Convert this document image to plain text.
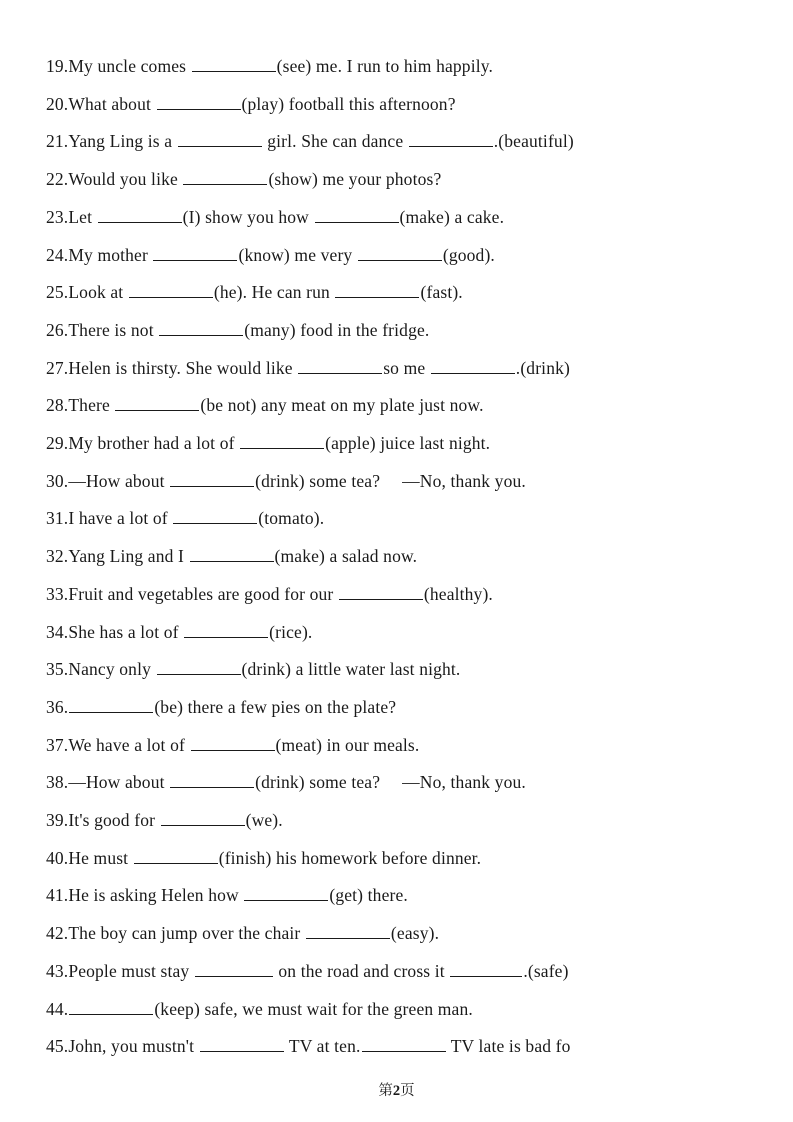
19.My uncle comes	(see) me. I run to him happily.
20.What about	(play) football this afternoon?
21.Yang Ling is a	girl. She can dance	.(beautiful)
22.Would you like	(show) me your photos?
23.Let	(I) show you how	(make) a cake.
24.My mother	(know) me very	(good).
25.Look at	(he). He can run	(fast).
26.There is not	(many) food in the fridge.
27.Helen is thirsty. She would like	so me	.(drink)
28.There	(be not) any meat on my plate just now.
29.My brother had a lot of	(apple) juice last night.
30.—How about	(drink) some tea? —No, thank you.
31.I have a lot of	(tomato).
32.Yang Ling and I	(make) a salad now.
33.Fruit and vegetables are good for our	(healthy).
34.She has a lot of	(rice).
35.Nancy only	(drink) a little water last night.
36.	(be) there a few pies on the plate?
37.We have a lot of	(meat) in our meals.
38.—How about	(drink) some tea? —No, thank you.
39.It's good for	(we).
40.He must	(finish) his homework before dinner.
41.He is asking Helen how	(get) there.
42.The boy can jump over the chair	(easy).
43.People must stay	on the road and cross it	.(safe)
44.	(keep) safe, we must wait for the green man.
45.John, you mustn't	TV at ten.	TV late is bad fo
第2页
